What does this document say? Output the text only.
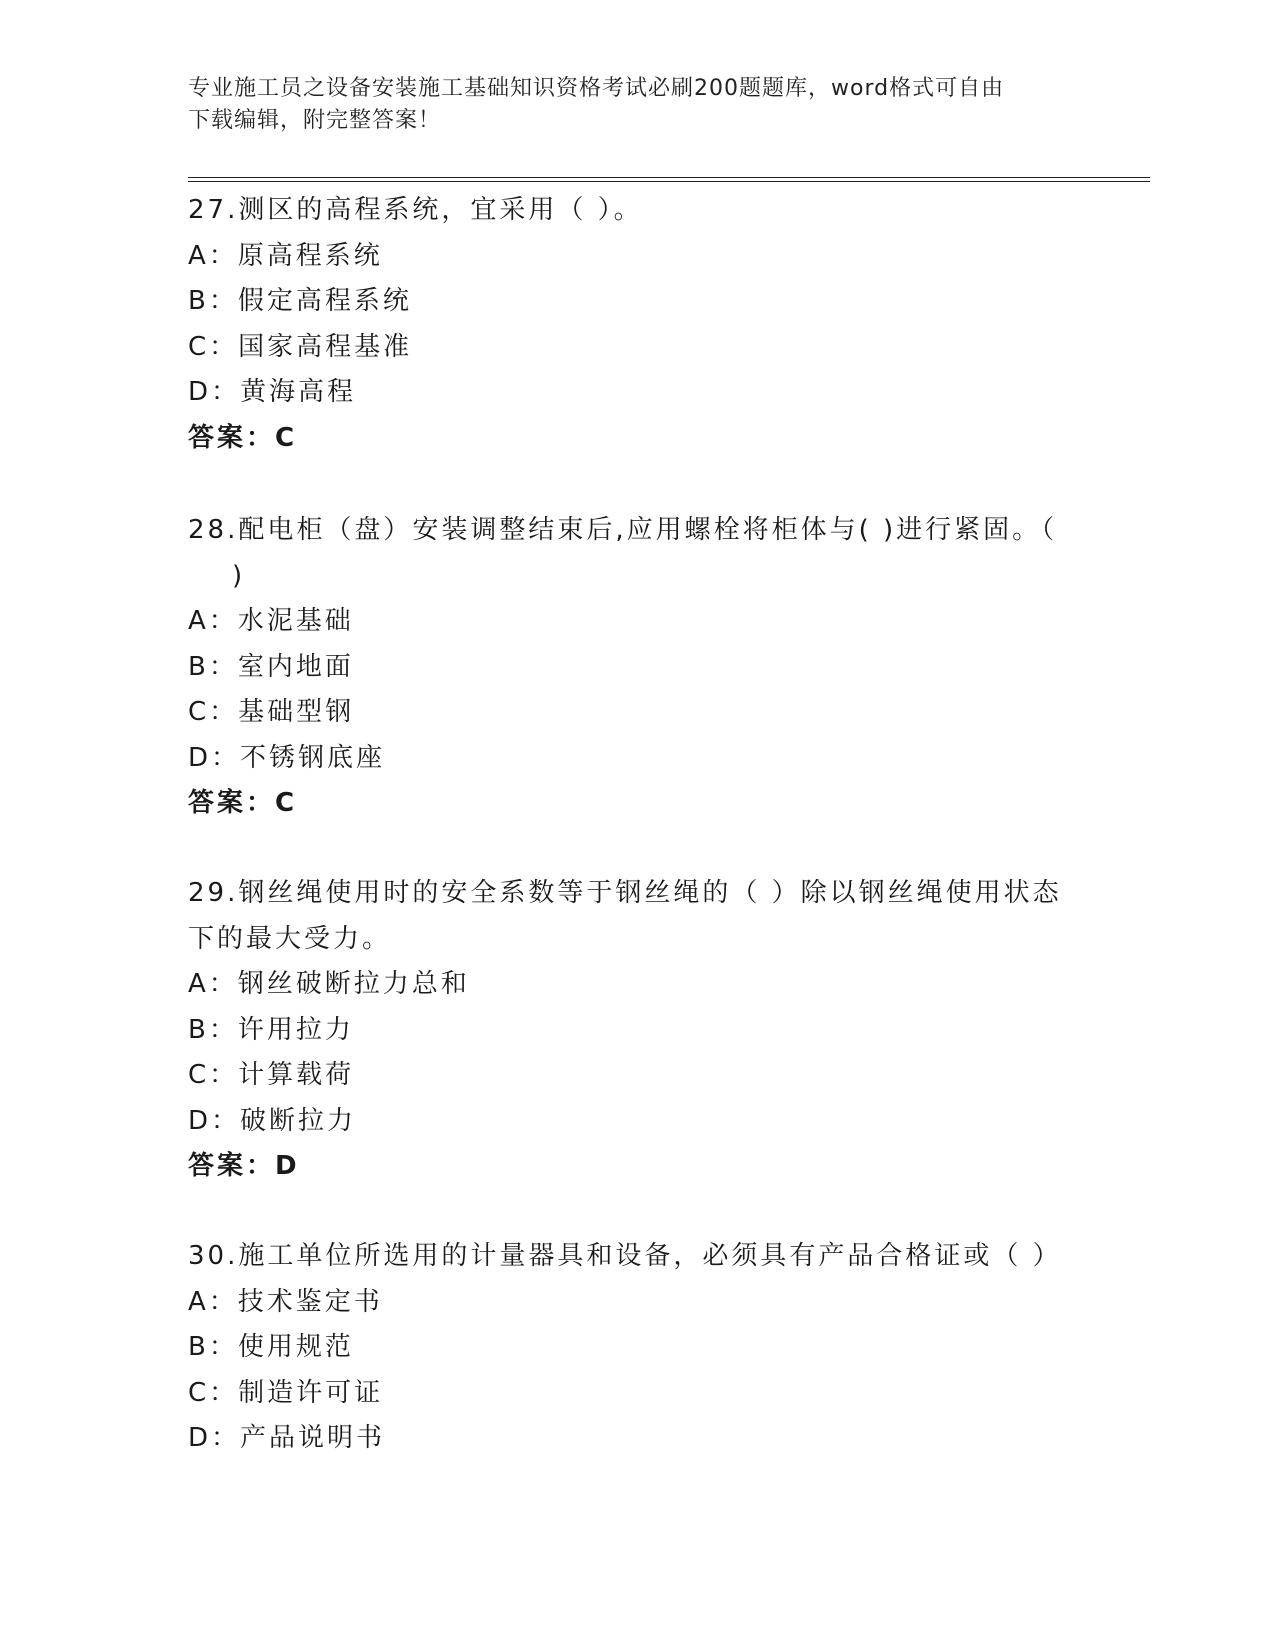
专业施工员之设备安装施工基础知识资格考试必刷200题题库，word格式可自由
下载编辑，附完整答案！
27.测区的高程系统，宜采用（ ）。
A：原高程系统
B：假定高程系统
C：国家高程基准
D：黄海高程
答案：C
28.配电柜（盘）安装调整结束后,应用螺栓将柜体与( )进行紧固。（
)
A：水泥基础
B：室内地面
C：基础型钢
D：不锈钢底座
答案：C
29.钢丝绳使用时的安全系数等于钢丝绳的（ ）除以钢丝绳使用状态
下的最大受力。
A：钢丝破断拉力总和
B：许用拉力
C：计算载荷
D：破断拉力
答案：D
30.施工单位所选用的计量器具和设备，必须具有产品合格证或（ ）
A：技术鉴定书
B：使用规范
C：制造许可证
D：产品说明书
